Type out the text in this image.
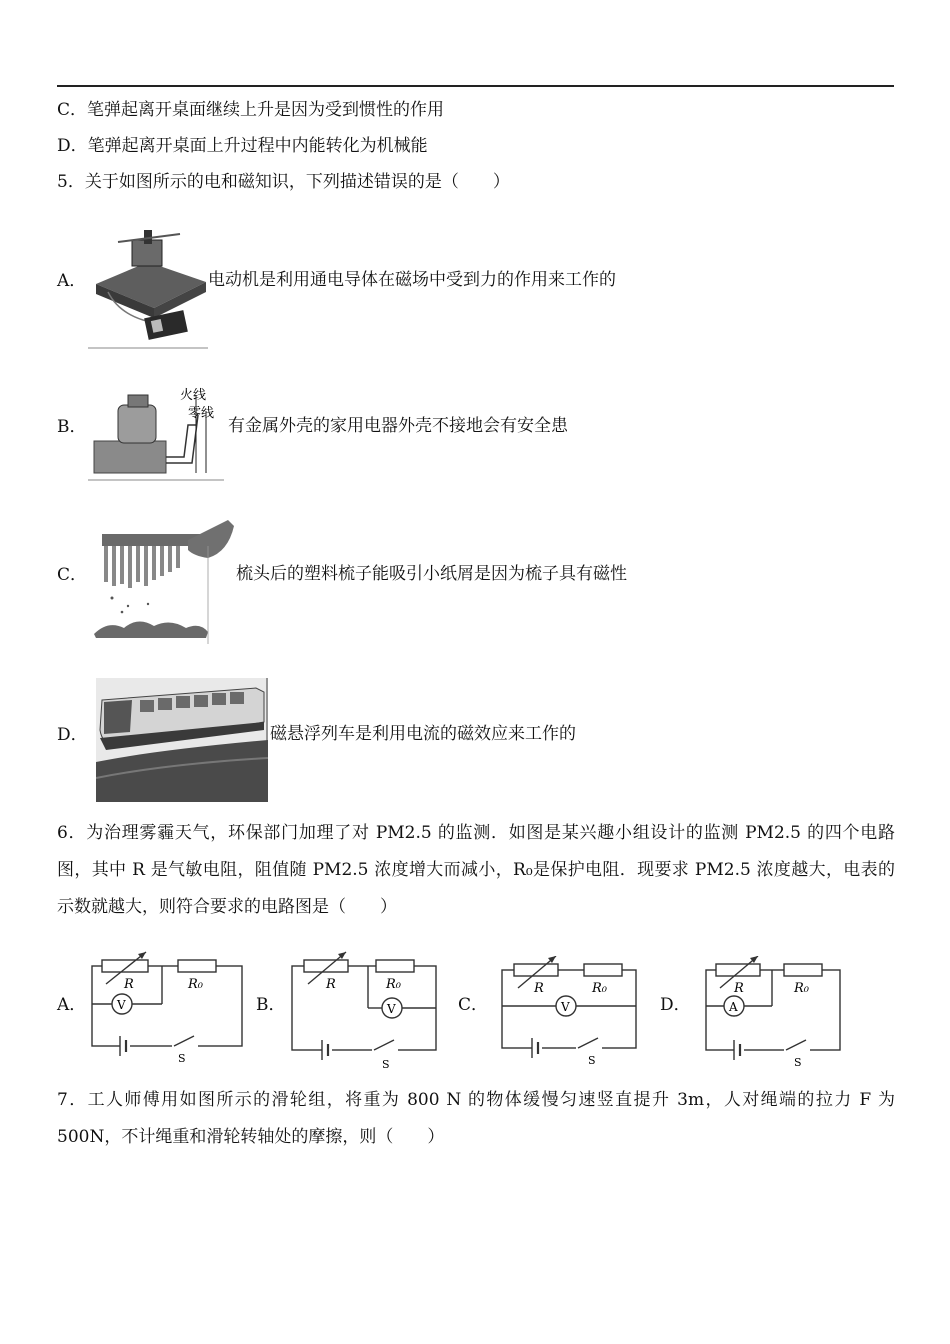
C．笔弹起离开桌面继续上升是因为受到惯性的作用
D．笔弹起离开桌面上升过程中内能转化为机械能
5．关于如图所示的电和磁知识，下列描述错误的是（　　）
A．	电动机是利用通电导体在磁场中受到力的作用来工作的
B．
火线
零线
有金属外壳的家用电器外壳不接地会有安全患
C．	梳头后的塑料梳子能吸引小纸屑是因为梳子具有磁性
D．	磁悬浮列车是利用电流的磁效应来工作的
6．为治理雾霾天气，环保部门加理了对 PM2.5 的监测．如图是某兴趣小组设计的监测 PM2.5 的四个电路图，其中 R 是气敏电阻，阻值随 PM2.5 浓度增大而减小，R₀是保护电阻．现要求 PM2.5 浓度越大，电表的示数就越大，则符合要求的电路图是（　　）
A．
R	R₀
V
S
B．
R	R₀
V
S
C．
R	R₀
V
S
D．
R	R₀
A
S
7．工人师傅用如图所示的滑轮组，将重为 800 N 的物体缓慢匀速竖直提升 3m，人对绳端的拉力 F 为 500N，不计绳重和滑轮转轴处的摩擦，则（　　）
